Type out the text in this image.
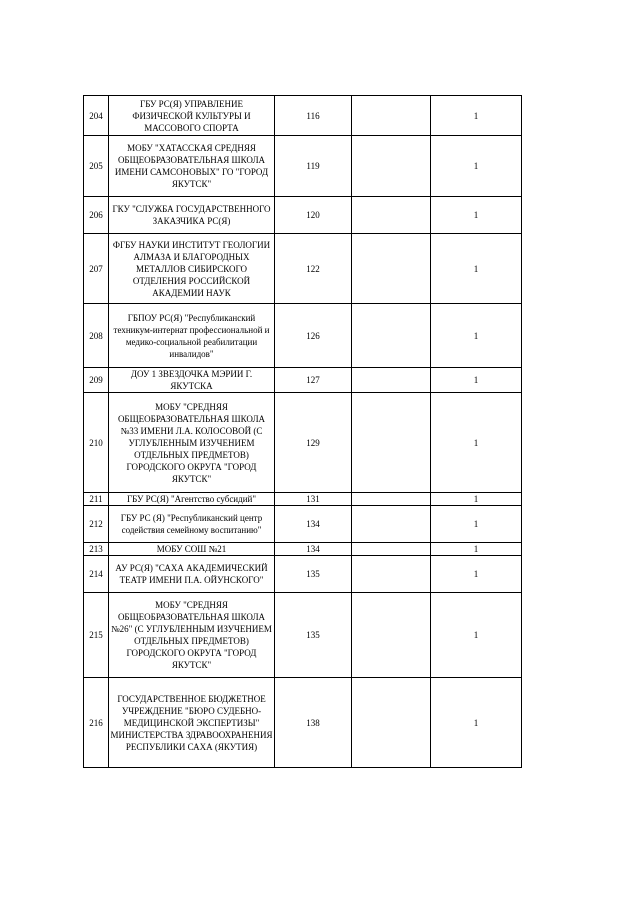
204	ГБУ РС(Я) УПРАВЛЕНИЕ ФИЗИЧЕСКОЙ КУЛЬТУРЫ И МАССОВОГО СПОРТА	116		1
205	МОБУ "ХАТАССКАЯ СРЕДНЯЯ ОБЩЕОБРАЗОВАТЕЛЬНАЯ ШКОЛА ИМЕНИ САМСОНОВЫХ" ГО "ГОРОД ЯКУТСК"	119		1
206	ГКУ "СЛУЖБА ГОСУДАРСТВЕННОГО ЗАКАЗЧИКА РС(Я)	120		1
207	ФГБУ НАУКИ ИНСТИТУТ ГЕОЛОГИИ АЛМАЗА И БЛАГОРОДНЫХ МЕТАЛЛОВ СИБИРСКОГО ОТДЕЛЕНИЯ РОССИЙСКОЙ АКАДЕМИИ НАУК	122		1
208	ГБПОУ РС(Я) "Республиканский техникум-интернат профессиональной и медико-социальной реабилитации инвалидов"	126		1
209	ДОУ 1 ЗВЕЗДОЧКА МЭРИИ Г. ЯКУТСКА	127		1
210	МОБУ "СРЕДНЯЯ ОБЩЕОБРАЗОВАТЕЛЬНАЯ ШКОЛА №33 ИМЕНИ Л.А. КОЛОСОВОЙ (С УГЛУБЛЕННЫМ ИЗУЧЕНИЕМ ОТДЕЛЬНЫХ ПРЕДМЕТОВ) ГОРОДСКОГО ОКРУГА "ГОРОД ЯКУТСК"	129		1
211	ГБУ РС(Я) "Агентство субсидий"	131		1
212	ГБУ РС (Я) "Республиканский центр содействия семейному воспитанию"	134		1
213	МОБУ СОШ №21	134		1
214	АУ РС(Я) "САХА АКАДЕМИЧЕСКИЙ ТЕАТР ИМЕНИ П.А. ОЙУНСКОГО"	135		1
215	МОБУ "СРЕДНЯЯ ОБЩЕОБРАЗОВАТЕЛЬНАЯ ШКОЛА №26" (С УГЛУБЛЕННЫМ ИЗУЧЕНИЕМ ОТДЕЛЬНЫХ ПРЕДМЕТОВ) ГОРОДСКОГО ОКРУГА "ГОРОД ЯКУТСК"	135		1
216	ГОСУДАРСТВЕННОЕ БЮДЖЕТНОЕ УЧРЕЖДЕНИЕ "БЮРО СУДЕБНО-МЕДИЦИНСКОЙ ЭКСПЕРТИЗЫ" МИНИСТЕРСТВА ЗДРАВООХРАНЕНИЯ РЕСПУБЛИКИ САХА (ЯКУТИЯ)	138		1
